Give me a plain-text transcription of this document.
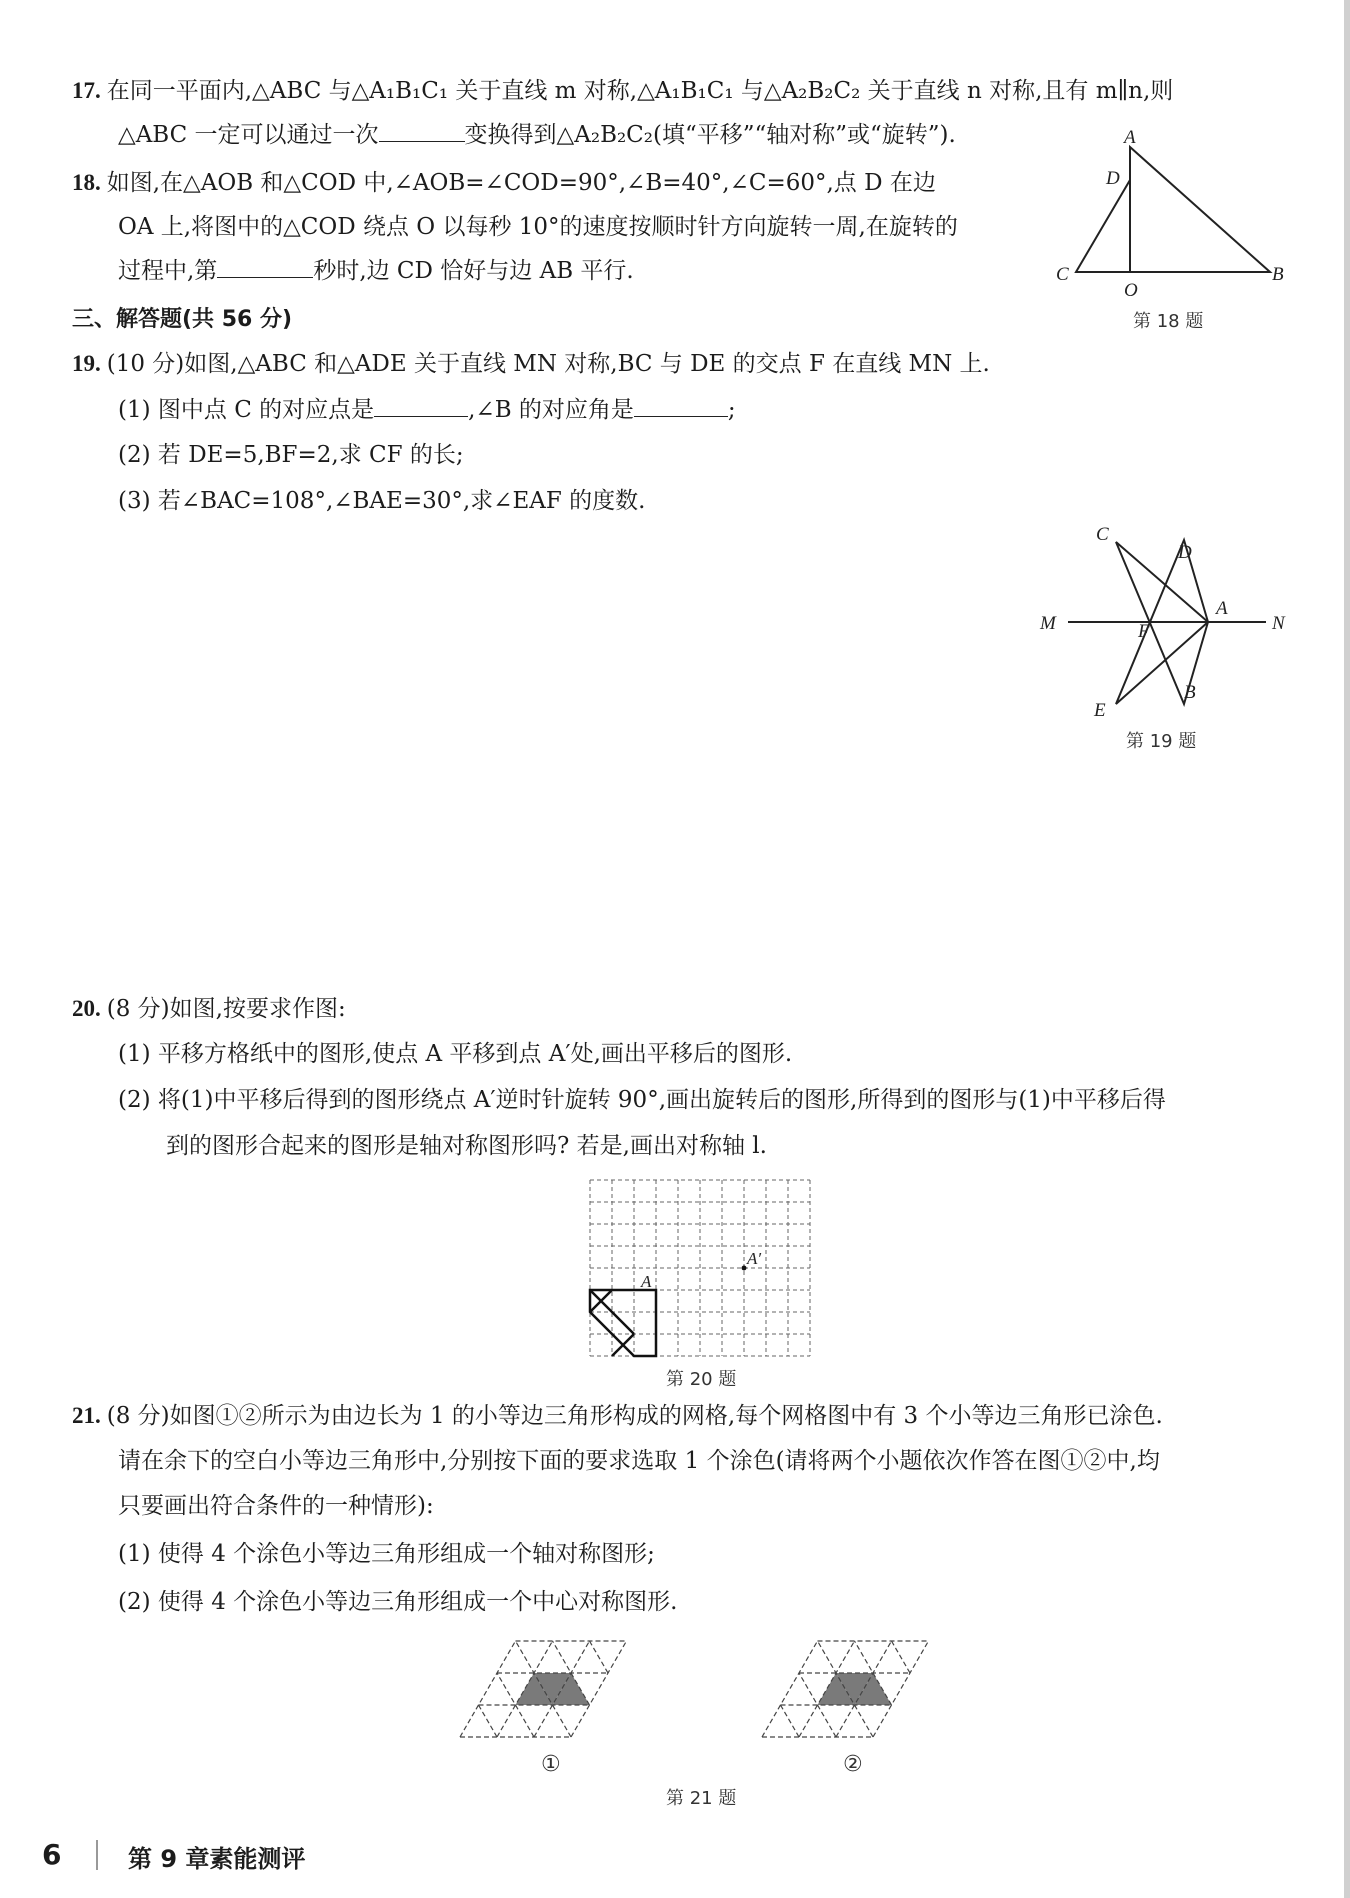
17. 在同一平面内,△ABC 与△A₁B₁C₁ 关于直线 m 对称,△A₁B₁C₁ 与△A₂B₂C₂ 关于直线 n 对称,且有 m∥n,则
△ABC 一定可以通过一次	变换得到△A₂B₂C₂(填“平移”“轴对称”或“旋转”).
18. 如图,在△AOB 和△COD 中,∠AOB=∠COD=90°,∠B=40°,∠C=60°,点 D 在边
OA 上,将图中的△COD 绕点 O 以每秒 10°的速度按顺时针方向旋转一周,在旋转的
过程中,第	秒时,边 CD 恰好与边 AB 平行.
A
D
C
O
B
第 18 题
三、解答题(共 56 分)
19. (10 分)如图,△ABC 和△ADE 关于直线 MN 对称,BC 与 DE 的交点 F 在直线 MN 上.
(1) 图中点 C 的对应点是	,∠B 的对应角是	;
(2) 若 DE=5,BF=2,求 CF 的长;
(3) 若∠BAC=108°,∠BAE=30°,求∠EAF 的度数.
C
D
M	F
A
N
E
B
第 19 题
20. (8 分)如图,按要求作图:
(1) 平移方格纸中的图形,使点 A 平移到点 A′处,画出平移后的图形.
(2) 将(1)中平移后得到的图形绕点 A′逆时针旋转 90°,画出旋转后的图形,所得到的图形与(1)中平移后得
到的图形合起来的图形是轴对称图形吗? 若是,画出对称轴 l.
A
A′
第 20 题
21. (8 分)如图①②所示为由边长为 1 的小等边三角形构成的网格,每个网格图中有 3 个小等边三角形已涂色.
请在余下的空白小等边三角形中,分别按下面的要求选取 1 个涂色(请将两个小题依次作答在图①②中,均
只要画出符合条件的一种情形):
(1) 使得 4 个涂色小等边三角形组成一个轴对称图形;
(2) 使得 4 个涂色小等边三角形组成一个中心对称图形.
①	②
第 21 题
6	第 9 章素能测评
